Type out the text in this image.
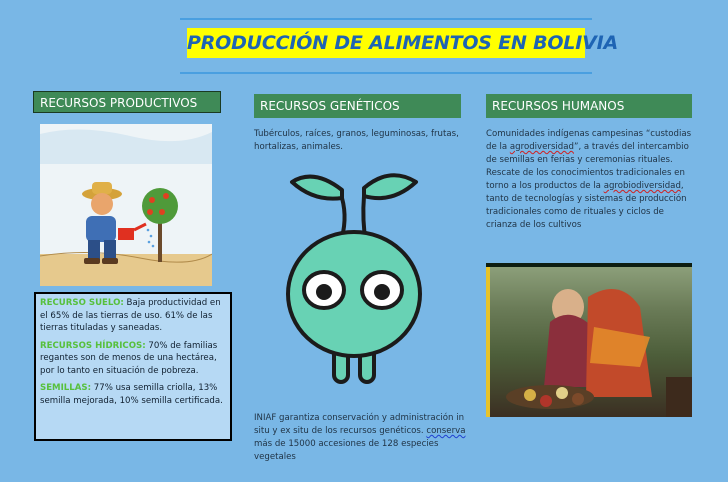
PRODUCCIÓN DE ALIMENTOS EN BOLIVIA
RECURSOS PRODUCTIVOS

RECURSO SUELO: Baja productividad en el 65% de las tierras de uso. 61% de las tierras tituladas y saneadas.

RECURSOS HÍDRICOS: 70% de familias regantes son de menos de una hectárea, por lo tanto en situación de pobreza.

SEMILLAS: 77% usa semilla criolla, 13% semilla mejorada, 10% semilla certificada.

RECURSOS GENÉTICOS
Tubérculos, raíces, granos, leguminosas, frutas, hortalizas, animales.
INIAF garantiza conservación y administración in situ y ex situ de los recursos genéticos. conserva más de 15000 accesiones de 128 especies vegetales
RECURSOS HUMANOS
Comunidades indígenas campesinas “custodias de la agrodiversidad”, a través del intercambio de semillas en ferias y ceremonias rituales. Rescate de los conocimientos tradicionales en torno a los productos de la agrobiodiversidad, tanto de tecnologías y sistemas de producción tradicionales como de rituales y ciclos de crianza de los cultivos
